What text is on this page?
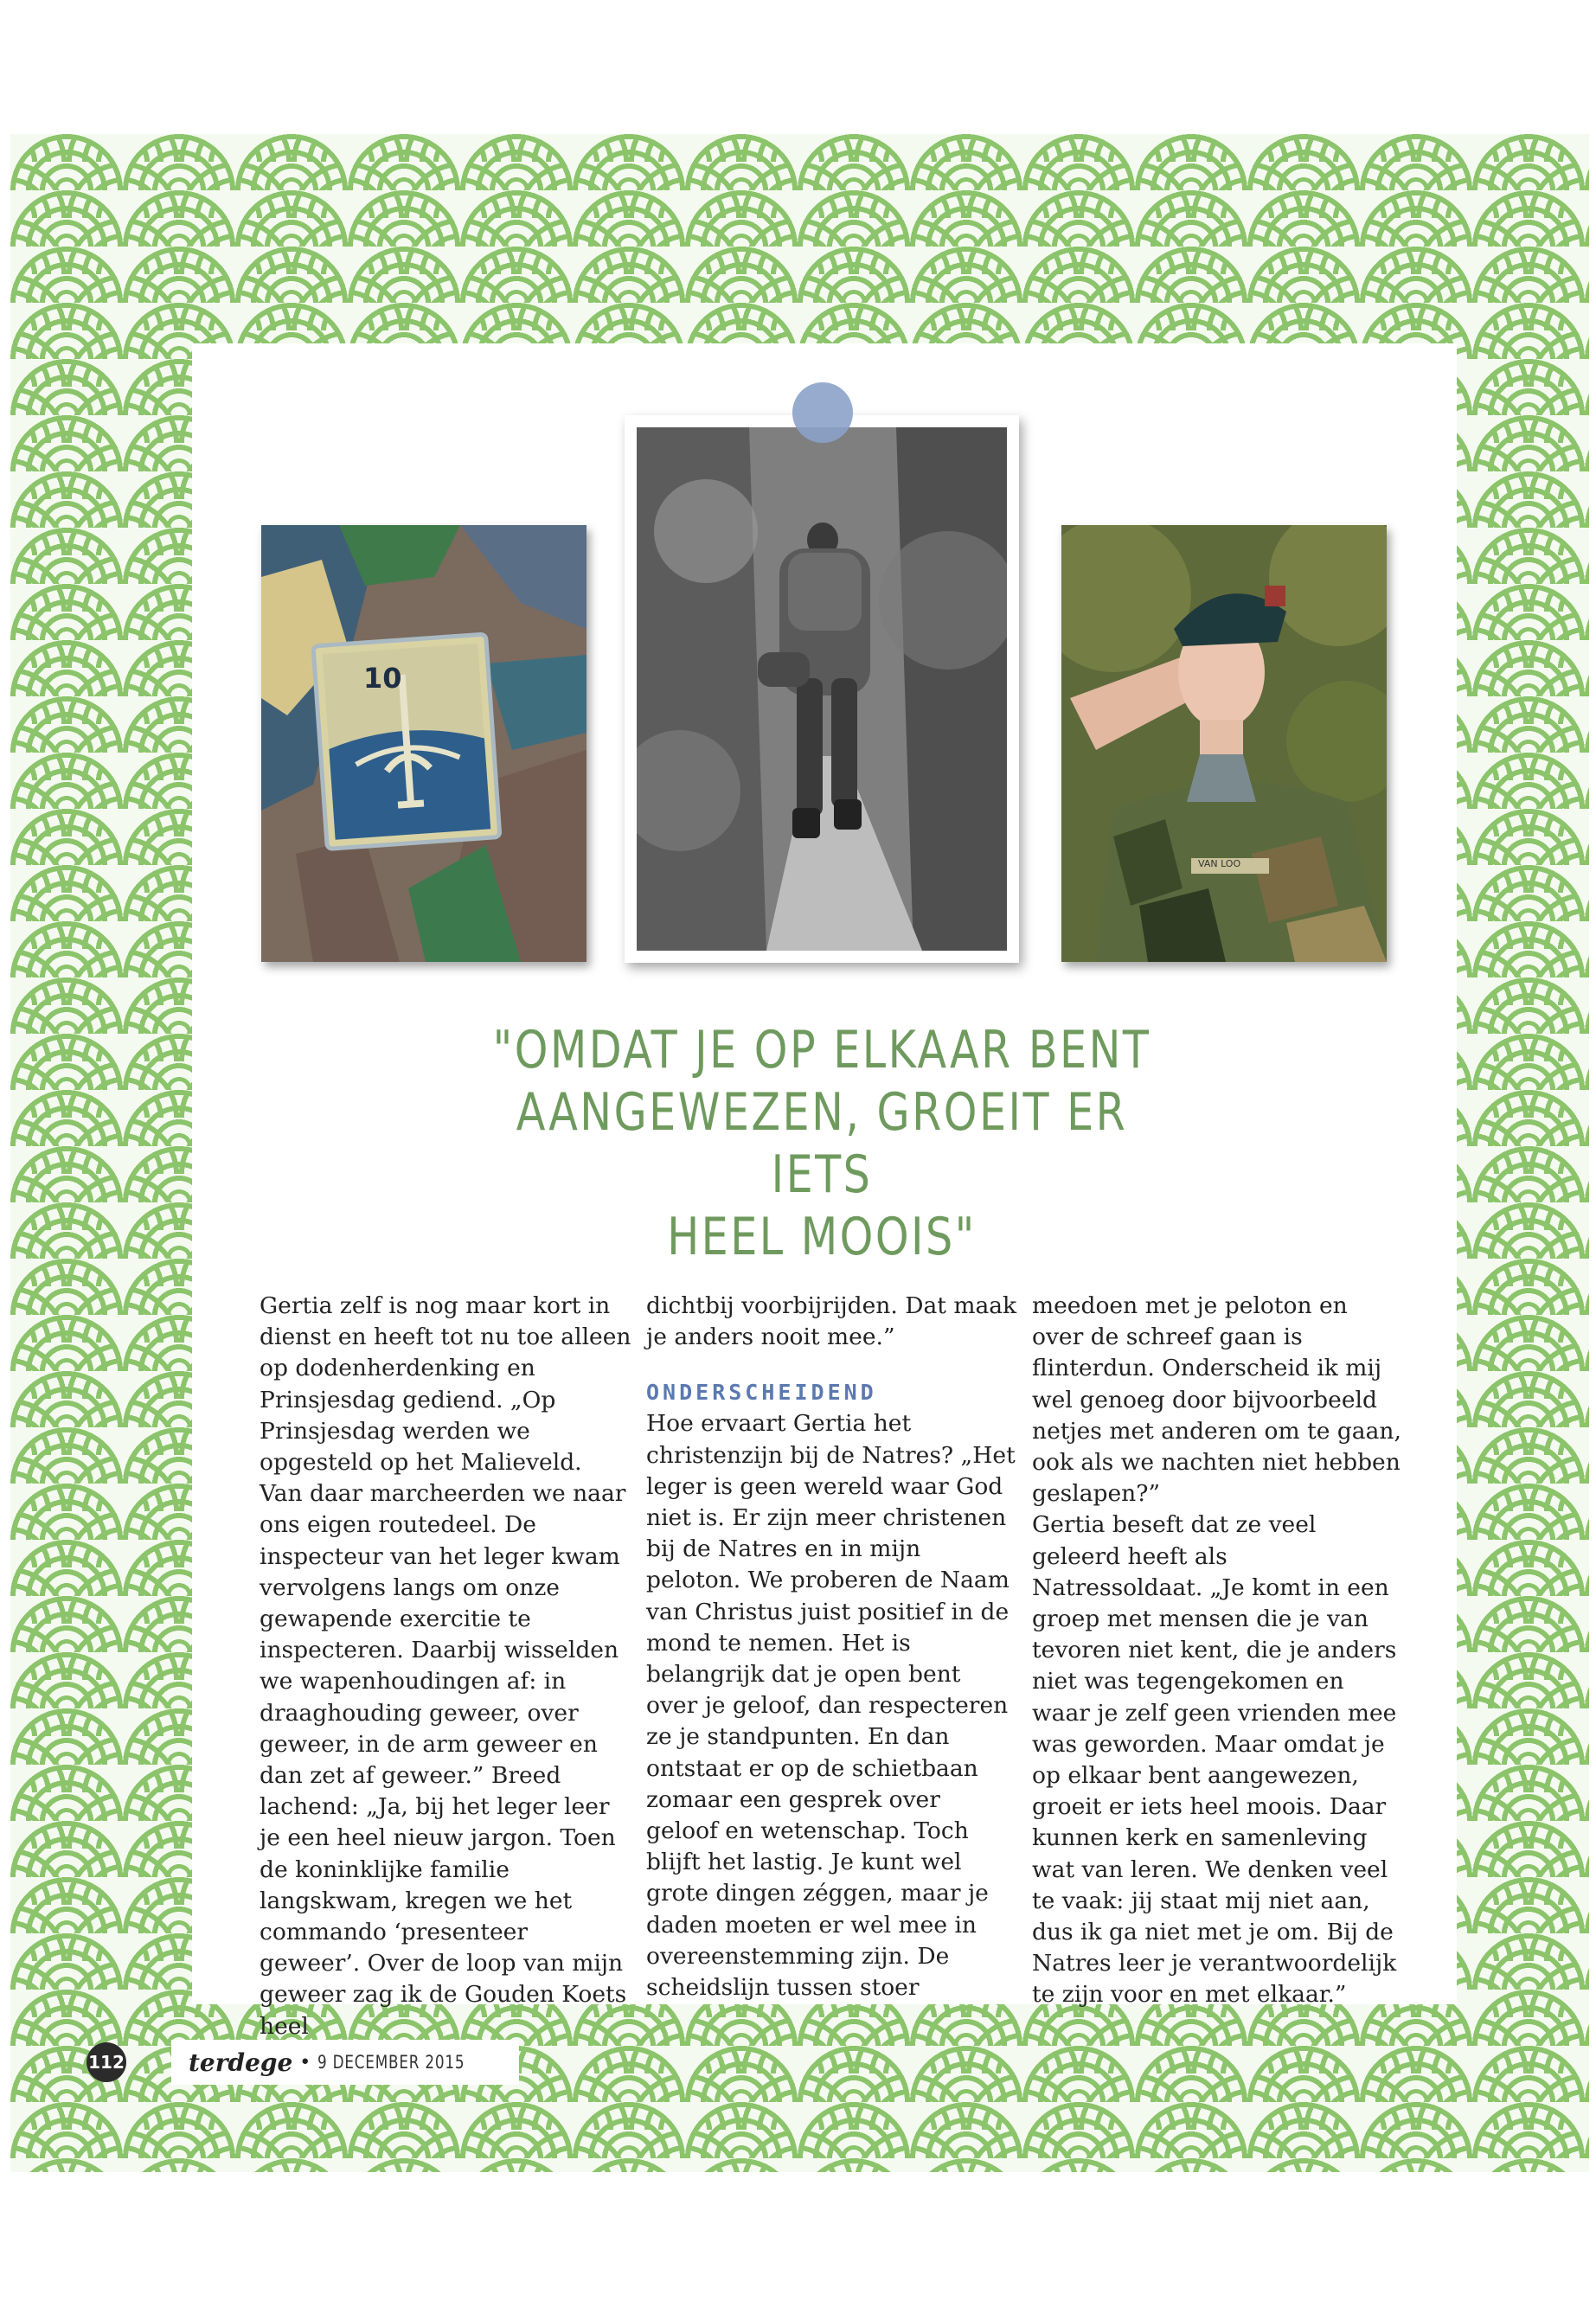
10
VAN LOO
"OMDAT JE OP ELKAAR BENT
AANGEWEZEN, GROEIT ER IETS
HEEL MOOIS"

Gertia zelf is nog maar kort in dienst en heeft tot nu toe alleen op dodenherdenking en Prinsjesdag gediend. „Op Prinsjesdag werden we opgesteld op het Malieveld. Van daar marcheerden we naar ons eigen routedeel. De inspecteur van het leger kwam vervolgens langs om onze gewapende exercitie te inspecteren. Daarbij wisselden we wapenhoudingen af: in draaghouding geweer, over geweer, in de arm geweer en dan zet af geweer.” Breed lachend: „Ja, bij het leger leer je een heel nieuw jargon. Toen de koninklijke familie langskwam, kregen we het commando ‘presenteer geweer’. Over de loop van mijn geweer zag ik de Gouden Koets heel

dichtbij voorbijrijden. Dat maak je anders nooit mee.”

ONDERSCHEIDEND

Hoe ervaart Gertia het christenzijn bij de Natres? „Het leger is geen wereld waar God niet is. Er zijn meer christenen bij de Natres en in mijn peloton. We proberen de Naam van Christus juist positief in de mond te nemen. Het is belangrijk dat je open bent over je geloof, dan respecteren ze je standpunten. En dan ontstaat er op de schietbaan zomaar een gesprek over geloof en wetenschap. Toch blijft het lastig. Je kunt wel grote dingen zéggen, maar je daden moeten er wel mee in overeenstemming zijn. De scheidslijn tussen stoer

meedoen met je peloton en over de schreef gaan is flinterdun. Onderscheid ik mij wel genoeg door bijvoorbeeld netjes met anderen om te gaan, ook als we nachten niet hebben geslapen?”

Gertia beseft dat ze veel geleerd heeft als Natressoldaat. „Je komt in een groep met mensen die je van tevoren niet kent, die je anders niet was tegengekomen en waar je zelf geen vrienden mee was geworden. Maar omdat je op elkaar bent aangewezen, groeit er iets heel moois. Daar kunnen kerk en samenleving wat van leren. We denken veel te vaak: jij staat mij niet aan, dus ik ga niet met je om. Bij de Natres leer je verantwoordelijk te zijn voor en met elkaar.”

112	terdege • 9 DECEMBER 2015
